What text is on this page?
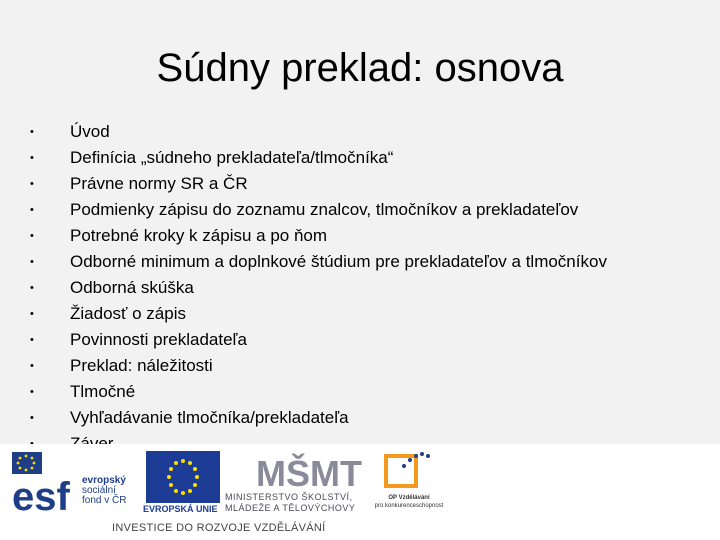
Súdny preklad: osnova
•	Úvod
•	Definícia „súdneho prekladateľa/tlmočníka“
•	Právne normy SR a ČR
•	Podmienky zápisu do zoznamu znalcov, tlmočníkov a prekladateľov
•	Potrebné kroky k zápisu a po ňom
•	Odborné minimum a doplnkové štúdium pre prekladateľov a tlmočníkov
•	Odborná skúška
•	Žiadosť o zápis
•	Povinnosti prekladateľa
•	Preklad: náležitosti
•	Tlmočné
•	Vyhľadávanie tlmočníka/prekladateľa
esf evropský
sociální
fond v ČR
EVROPSKÁ UNIE
MŠMT
MINISTERSTVO ŠKOLSTVÍ,
MLÁDEŽE A TĚLOVÝCHOVY
OP Vzdělávání
pro konkurenceschopnost
INVESTICE DO ROZVOJE VZDĚLÁVÁNÍ
